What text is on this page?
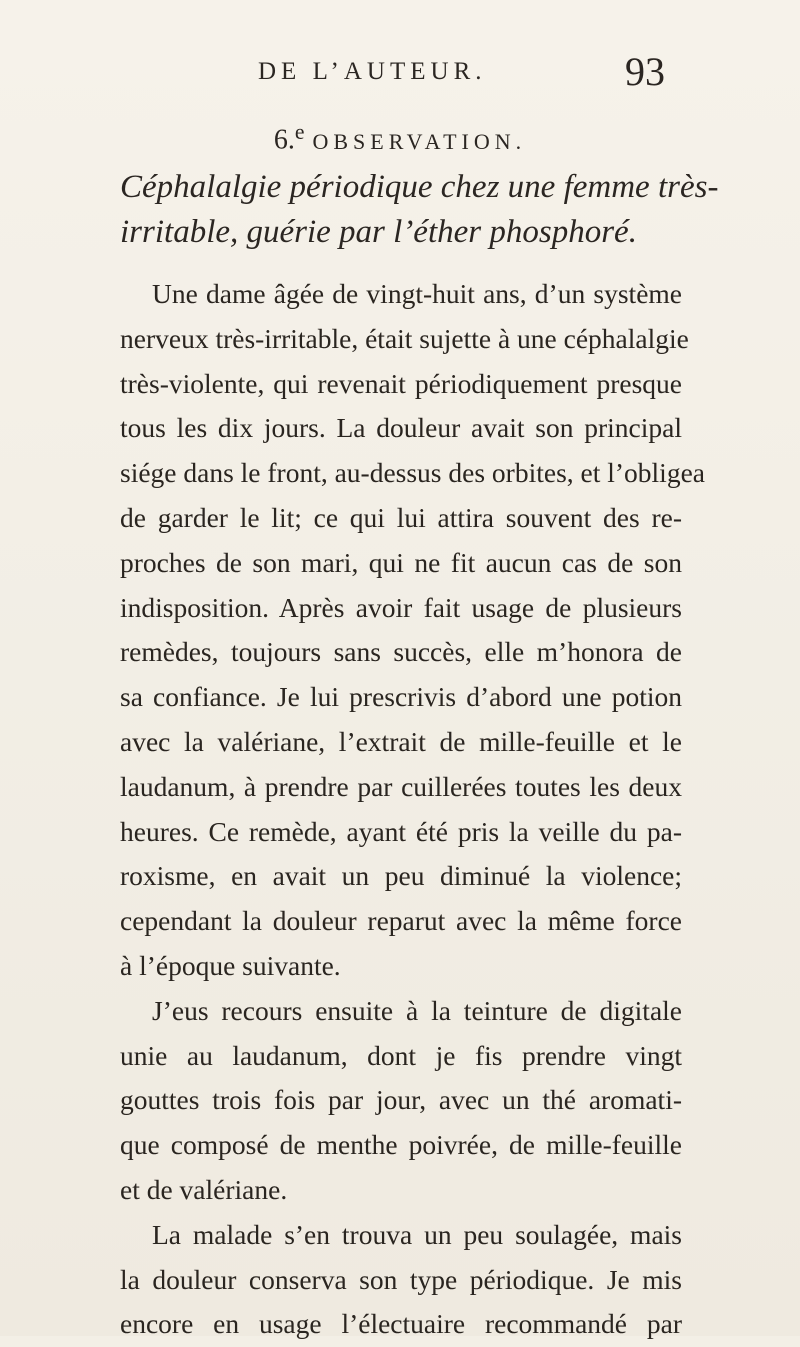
DE L’AUTEUR.	93
6.$^e$ OBSERVATION.
Céphalalgie périodique chez une femme très-
irritable, guérie par l’éther phosphoré.
Une dame âgée de vingt-huit ans, d’un système
nerveux très-irritable, était sujette à une céphalalgie
très-violente, qui revenait périodiquement presque
tous les dix jours. La douleur avait son principal
siége dans le front, au-dessus des orbites, et l’obligea
de garder le lit; ce qui lui attira souvent des re-
proches de son mari, qui ne fit aucun cas de son
indisposition. Après avoir fait usage de plusieurs
remèdes, toujours sans succès, elle m’honora de
sa confiance. Je lui prescrivis d’abord une potion
avec la valériane, l’extrait de mille-feuille et le
laudanum, à prendre par cuillerées toutes les deux
heures. Ce remède, ayant été pris la veille du pa-
roxisme, en avait un peu diminué la violence;
cependant la douleur reparut avec la même force
à l’époque suivante.
J’eus recours ensuite à la teinture de digitale
unie au laudanum, dont je fis prendre vingt
gouttes trois fois par jour, avec un thé aromati-
que composé de menthe poivrée, de mille-feuille
et de valériane.
La malade s’en trouva un peu soulagée, mais
la douleur conserva son type périodique. Je mis
encore en usage l’électuaire recommandé par
